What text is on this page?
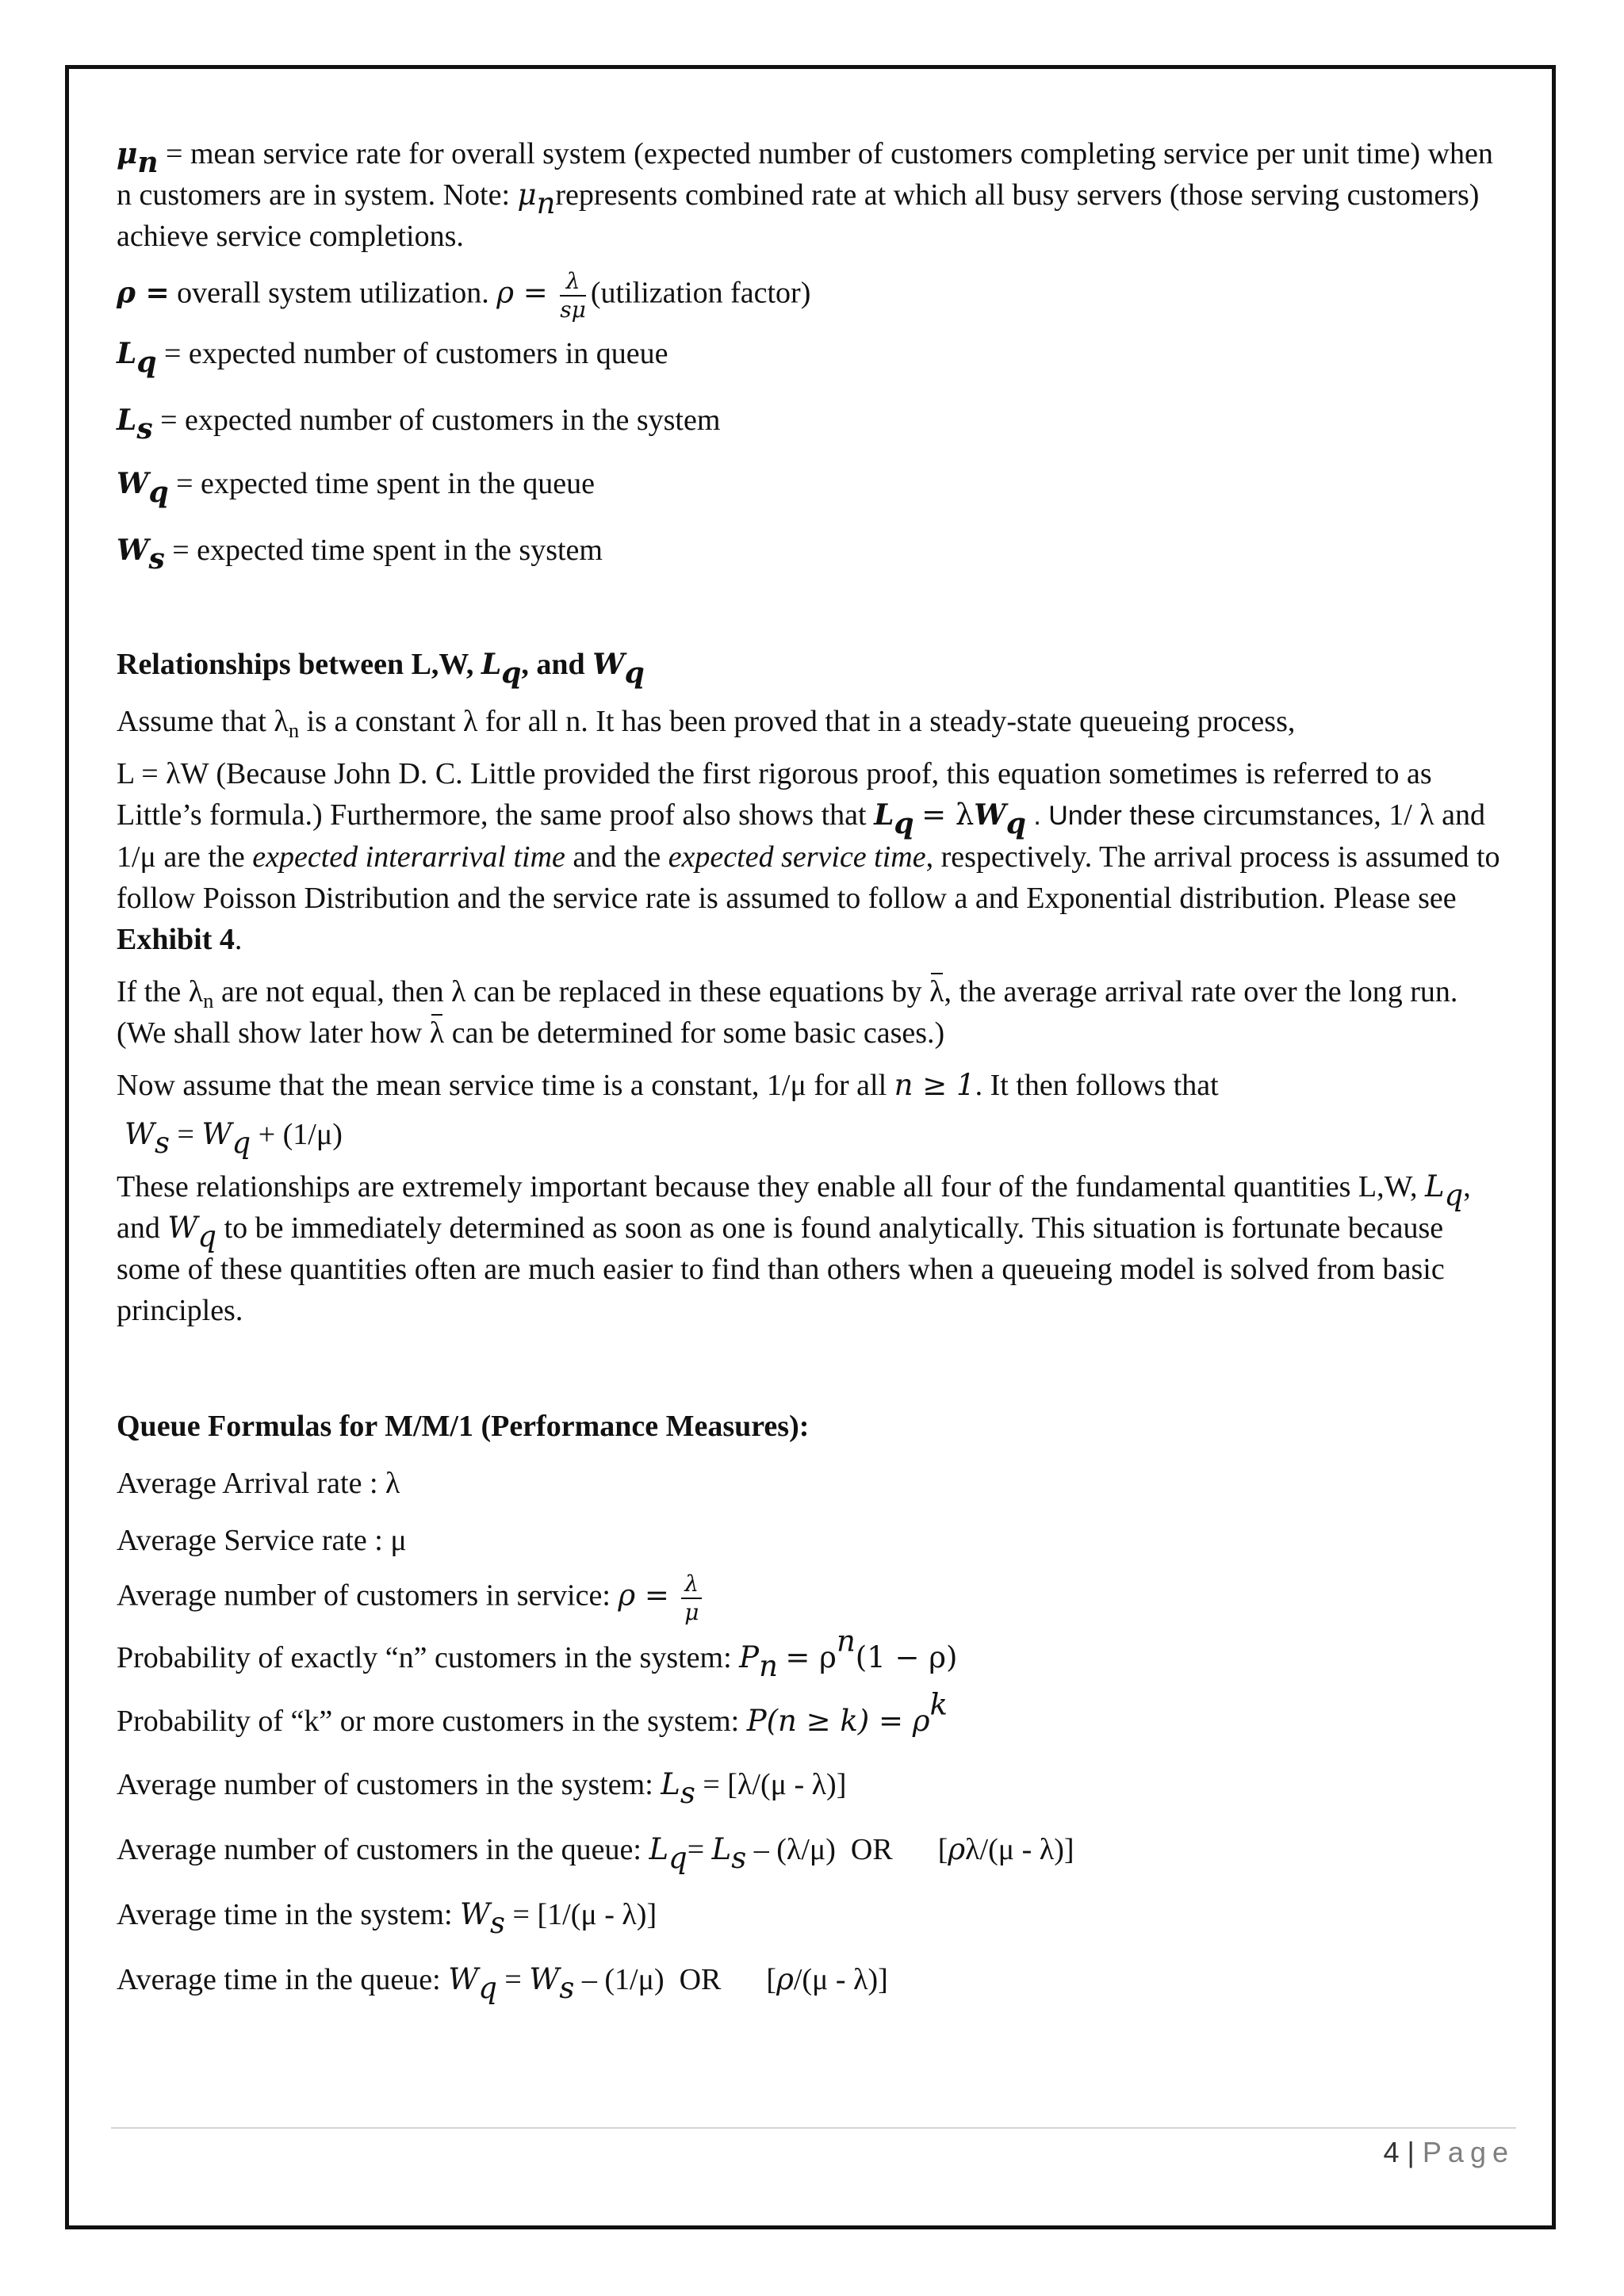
$\mu_n$ = mean service rate for overall system (expected number of customers completing service per unit time) when n customers are in system. Note: $\mu_nrepresents$ combined rate at which all busy servers (those serving customers) achieve service completions.

ρ = overall system utilization. $\rho = \frac{\lambda}{s\mu}$ (utilization factor)

$L_q$ = expected number of customers in queue

$L_s$ = expected number of customers in the system

$W_q$ = expected time spent in the queue

$W_s$ = expected time spent in the system

Relationships between L,W, $L_q$, and $W_q$

Assume that $\lambda_n$ is a constant λ for all n. It has been proved that in a steady-state queueing process,

L = λW (Because John D. C. Little provided the first rigorous proof, this equation sometimes is referred to as Little’s formula.) Furthermore, the same proof also shows that $L_q = \lambda W_q$ . Under these circumstances, 1/ λ and 1/μ are the expected interarrival time and the expected service time, respectively. The arrival process is assumed to follow Poisson Distribution and the service rate is assumed to follow a and Exponential distribution. Please see Exhibit 4.

If the $\lambda_n$ are not equal, then λ can be replaced in these equations by λ, the average arrival rate over the long run. (We shall show later how λ can be determined for some basic cases.)

Now assume that the mean service time is a constant, 1/μ for all n ≥ 1. It then follows that

$W_s = W_q + (1/\mu)$

These relationships are extremely important because they enable all four of the fundamental quantities L,W, $L_q$, and $W_q$ to be immediately determined as soon as one is found analytically. This situation is fortunate because some of these quantities often are much easier to find than others when a queueing model is solved from basic principles.

Queue Formulas for M/M/1 (Performance Measures):

Average Arrival rate : λ

Average Service rate : μ

Average number of customers in service: $\rho = \frac{\lambda}{\mu}$

Probability of exactly “n” customers in the system: $P_n = \rho^n(1 - \rho)$

Probability of “k” or more customers in the system: $P(n \ge k) = \rho^k$

Average number of customers in the system: $L_s = [\lambda/(\mu - \lambda)]$

Average number of customers in the queue: $L_q= L_s - (\lambda/\mu)$  OR      [ρλ/(μ - λ)]

Average time in the system: $W_s = [1/(\mu - \lambda)]$

Average time in the queue: $W_q = W_s - (1/\mu)$  OR      [ρ/(μ - λ)]

4 | Page
